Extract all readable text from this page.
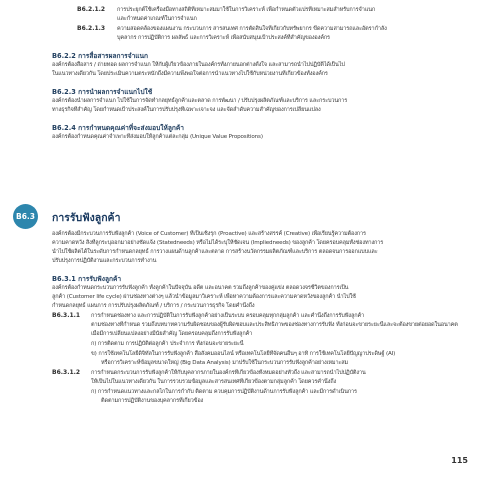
B6.2.1.2 การประยุกต์ใช้เครื่องมือทางสถิติที่เหมาะสมมาใช้ในการวิเคราะห์ เพื่อกำหนดตัวแปรที่เหมาะสมสำหรับการจำแนก
และกำหนดค่าเกณฑ์ในการจำแนก
B6.2.1.3 ความสอดคล้องของแผนงาน กระบวนการ สารสนเทศ การตัดสินใจที่เกี่ยวกับทรัพยากร ขีดความสามารถและอัตรากำลัง
บุคลากร การปฏิบัติการ ผลลัพธ์ และการวิเคราะห์ เพื่อสนับสนุนเป้าประสงค์ที่สำคัญขององค์กร
B6.2.2 การสื่อสารผลการจำแนก
องค์กรต้องสื่อสาร / ถ่ายทอด ผลการจำแนก ให้กับผู้เกี่ยวข้องภายในองค์กรทั้งภายนอกต่างตั้งใจ และสามารถนำไปปฏิบัติได้เป็นไป
ในแนวทางเดียวกัน โดยประเมินความตระหนักถึงมีความพึงพอใจต่อการนำแนวทางไปใช้กับหน่วยงานที่เกี่ยวข้องทั้งองค์กร
B6.2.3 การนำผลการจำแนกไปใช้
องค์กรต้องนำผลการจำแนก ไปใช้ในการจัดทำกลยุทธ์ลูกค้าและตลาด การพัฒนา / ปรับปรุงผลิตภัณฑ์และบริการ และกระบวนการ
ทางธุรกิจที่สำคัญ โดยกำหนดเป้าประสงค์ในการปรับปรุงที่เฉพาะเจาะจง และจัดลำดับความสำคัญของการเปลี่ยนแปลง
B6.2.4 การกำหนดคุณค่าที่จะส่งมอบให้ลูกค้า
องค์กรต้องกำหนดคุณค่าจำเพาะที่ส่งมอบให้ลูกค้าแต่ละกลุ่ม (Unique Value Propositions)
B6.3 การรับฟังลูกค้า
องค์กรต้องมีกระบวนการรับฟังลูกค้า (Voice of Customer) ที่เป็นเชิงรุก (Proactive) และสร้างสรรค์ (Creative) เพื่อเรียนรู้ความต้องการ
ความคาดหวัง สิ่งที่ลูกระบุออกมาอย่างชัดแจ้ง (Statedneeds) หรือไม่ได้ระบุให้ชัดเจน (Impliedneeds) ของลูกค้า โดยครอบคลุมทั้งช่องทางการ
นำไปใช้ผลิตได้ในระดับการกำหนดกลยุทธ์ การวางแผนด้านลูกค้าและตลาด การสร้างนวัตกรรมผลิตภัณฑ์และบริการ ตลอดจนการออกแบบและ
ปรับปรุงการปฏิบัติงานและกระบวนการทำงาน
B6.3.1 การรับฟังลูกค้า
องค์กรต้องกำหนดกระบวนการรับฟังลูกค้า ทั้งลูกค้าในปัจจุบัน อดีต และอนาคต รวมถึงลูกค้าของคู่แข่ง ตลอดวงจรชีวิตของการเป็น
ลูกค้า (Customer life cycle) ผ่านช่องทางต่างๆ แล้วนำข้อมูลมาวิเคราะห์ เพื่อหาความต้องการและความคาดหวังของลูกค้า นำไปใช้
กำหนดกลยุทธ์ แผนการ การปรับปรุงผลิตภัณฑ์ / บริการ / กระบวนการธุรกิจ โดยคำนึงถึง
B6.3.1.1 การกำหนดช่องทาง และการปฏิบัติในการรับฟังลูกค้าอย่างเป็นระบบ ครอบคลุมทุกกลุ่มลูกค้า และคำนึงถึงการรับฟังลูกค้า
ตามช่องทางที่กำหนด รวมถึงบทบาทความรับผิดชอบของผู้รับผิดชอบและประสิทธิภาพของช่องทางการรับฟัง ทั้งก่อนจะขายระยะนี้และจะต้องขายต่อยอดในอนาคต
เมื่อมีการเปลี่ยนแปลงอย่างมีนัยสำคัญ โดยครอบคลุมถึงการรับฟังลูกค้า
ก) การติดตาม การปฏิบัติต่อลูกค้า ประจำการ ทั้งก่อนจะขายระยะนี้
ข) การใช้เทคโนโลยีดิจิทัลในการรับฟังลูกค้า สื่อสังคมออนไลน์ หรือเทคโนโลยีที่จัดคนอื่นๆ อาทิ การใช้เทคโนโลยีปัญญาประดิษฐ์ (AI)
หรือการวิเคราะห์ข้อมูลขนาดใหญ่ (Big Data Analysis) มาปรับใช้ในกระบวนการรับฟังลูกค้าอย่างเหมาะสม
B6.3.1.2 การกำหนดกระบวนการรับฟังลูกค้าให้กับบุคลากรภายในองค์กรที่เกี่ยวข้องทั้งหมดอย่างทั่วถึง และสามารถนำไปปฏิบัติงาน
ให้เป็นไปในแนวทางเดียวกัน ในการรวบรวมข้อมูลและสารสนเทศที่เกี่ยวข้องตามกลุ่มลูกค้า โดยควรคำนึงถึง
ก) การกำหนดแนวทางและกลไกในการกำกับ ติดตาม ควบคุมการปฏิบัติงานด้านการรับฟังลูกค้า และมีการดำเนินการ
ติดตามการปฏิบัติงานของบุคลากรที่เกี่ยวข้อง
115
